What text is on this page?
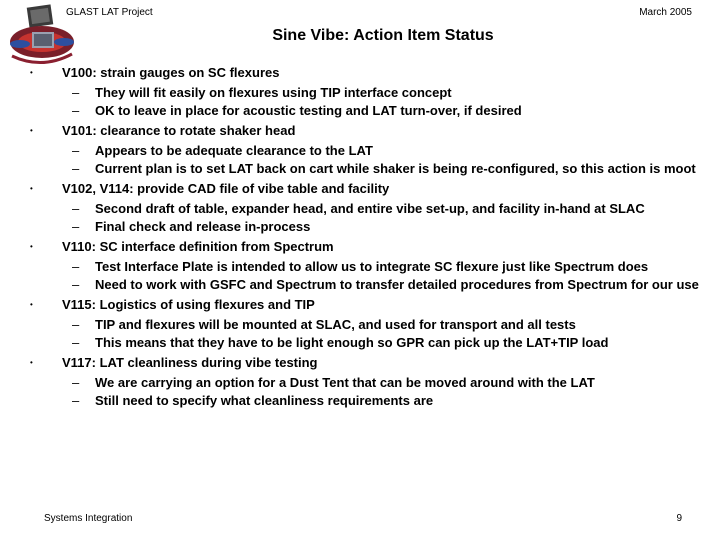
GLAST LAT Project	March 2005
Sine Vibe: Action Item Status
• V100: strain gauges on SC flexures
– They will fit easily on flexures using TIP interface concept
– OK to leave in place for acoustic testing and LAT turn-over, if desired
• V101: clearance to rotate shaker head
– Appears to be adequate clearance to the LAT
– Current plan is to set LAT back on cart while shaker is being re-configured, so this action is moot
• V102, V114: provide CAD file of vibe table and facility
– Second draft of table, expander head, and entire vibe set-up, and facility in-hand at SLAC
– Final check and release in-process
• V110: SC interface definition from Spectrum
– Test Interface Plate is intended to allow us to integrate SC flexure just like Spectrum does
– Need to work with GSFC and Spectrum to transfer detailed procedures from Spectrum for our use
• V115: Logistics of using flexures and TIP
– TIP and flexures will be mounted at SLAC, and used for transport and all tests
– This means that they have to be light enough so GPR can pick up the LAT+TIP load
• V117: LAT cleanliness during vibe testing
– We are carrying an option for a Dust Tent that can be moved around with the LAT
– Still need to specify what cleanliness requirements are
Systems Integration	9
